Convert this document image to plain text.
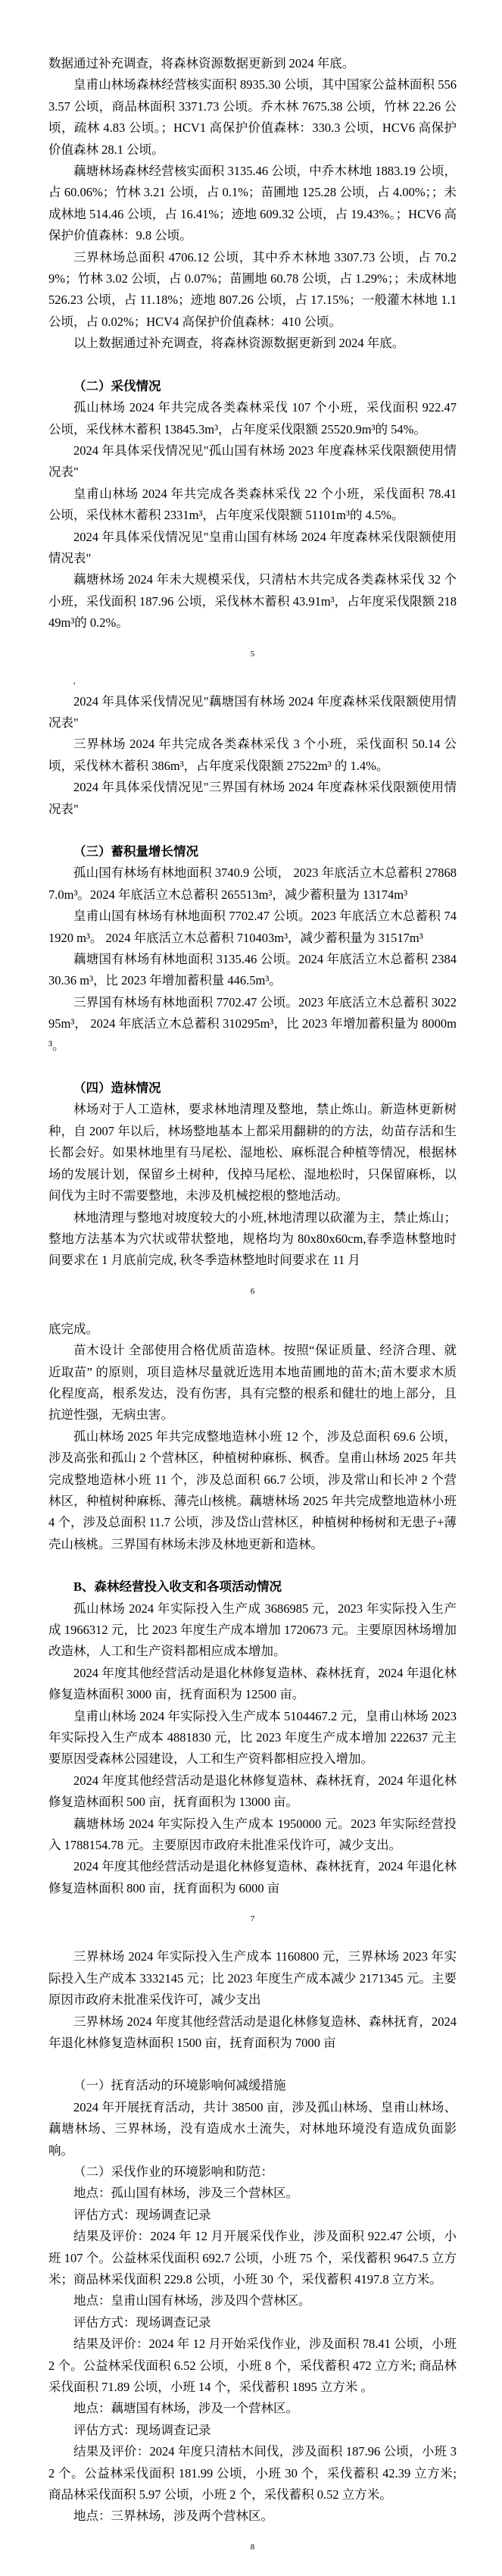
数据通过补充调查，将森林资源数据更新到 2024 年底。
皇甫山林场森林经营核实面积 8935.30 公顷，其中国家公益林面积 5563.57 公顷，商品林面积 3371.73 公顷。乔木林 7675.38 公顷，竹林 22.26 公顷，疏林 4.83 公顷。；HCV1 高保护价值森林：330.3 公顷，HCV6 高保护价值森林 28.1 公顷。
藕塘林场森林经营核实面积 3135.46 公顷，中乔木林地 1883.19 公顷，占 60.06%；竹林 3.21 公顷，占 0.1%；苗圃地 125.28 公顷，占 4.00%；；未成林地 514.46 公顷，占 16.41%；迹地 609.32 公顷，占 19.43%。；HCV6 高保护价值森林：9.8 公顷。
三界林场总面积 4706.12 公顷，其中乔木林地 3307.73 公顷，占 70.29%；竹林 3.02 公顷，占 0.07%；苗圃地 60.78 公顷，占 1.29%；；未成林地 526.23 公顷，占 11.18%；迹地 807.26 公顷，占 17.15%；一般灌木林地 1.1 公顷，占 0.02%；HCV4 高保护价值森林：410 公顷。
以上数据通过补充调查，将森林资源数据更新到 2024 年底。
（二）采伐情况
孤山林场 2024 年共完成各类森林采伐 107 个小班，采伐面积 922.47 公顷，采伐林木蓄积 13845.3m³，占年度采伐限额 25520.9m³的 54%。
2024 年具体采伐情况见"孤山国有林场 2023 年度森林采伐限额使用情况表"
皇甫山林场 2024 年共完成各类森林采伐 22 个小班，采伐面积 78.41 公顷，采伐林木蓄积 2331m³，占年度采伐限额 51101m³的 4.5%。
2024 年具体采伐情况见"皇甫山国有林场 2024 年度森林采伐限额使用情况表"
藕塘林场 2024 年未大规模采伐，只清枯木共完成各类森林采伐 32 个小班，采伐面积 187.96 公顷，采伐林木蓄积 43.91m³，占年度采伐限额 21849m³的 0.2%。
5
'
2024 年具体采伐情况见"藕塘国有林场 2024 年度森林采伐限额使用情况表"
三界林场 2024 年共完成各类森林采伐 3 个小班，采伐面积 50.14 公顷，采伐林木蓄积 386m³，占年度采伐限额 27522m³ 的 1.4%。
2024 年具体采伐情况见"三界国有林场 2024 年度森林采伐限额使用情况表"
（三）蓄积量增长情况
孤山国有林场有林地面积 3740.9 公顷， 2023 年底活立木总蓄积 278687.0m³。2024 年底活立木总蓄积 265513m³，减少蓄积量为 13174m³
皇甫山国有林场有林地面积 7702.47 公顷。2023 年底活立木总蓄积 741920 m³。 2024 年底活立木总蓄积 710403m³，减少蓄积量为 31517m³
藕塘国有林场有林地面积 3135.46 公顷。2024 年底活立木总蓄积 238430.36 m³，比 2023 年增加蓄积量 446.5m³。
三界国有林场有林地面积 7702.47 公顷。2023 年底活立木总蓄积 302295m³， 2024 年底活立木总蓄积 310295m³，比 2023 年增加蓄积量为 8000m³。
（四）造林情况
林场对于人工造林，要求林地清理及整地，禁止炼山。新造林更新树种，自 2007 年以后，林场整地基本上都采用翻耕的的方法，幼苗存活和生长都会好。如果林地里有马尾松、湿地松、麻栎混合种植等情况，根据林场的发展计划，保留乡土树种，伐掉马尾松、湿地松时，只保留麻栎，以间伐为主时不需要整地，未涉及机械挖根的整地活动。
林地清理与整地对坡度较大的小班,林地清理以砍灌为主，禁止炼山；整地方法基本为穴状或带状整地，规格均为 80x80x60cm,春季造林整地时间要求在 1 月底前完成, 秋冬季造林整地时间要求在 11 月
6
底完成。
苗木设计 全部使用合格优质苗造林。按照“保证质量、经济合理、就近取苗” 的原则，项目造林尽量就近选用本地苗圃地的苗木;苗木要求木质化程度高，根系发达，没有伤害，具有完整的根系和健壮的地上部分，且抗逆性强，无病虫害。
孤山林场 2025 年共完成整地造林小班 12 个，涉及总面积 69.6 公顷，涉及高张和孤山 2 个营林区，种植树种麻栎、枫香。皇甫山林场 2025 年共完成整地造林小班 11 个，涉及总面积 66.7 公顷，涉及常山和长冲 2 个营林区，种植树种麻栎、薄壳山核桃。藕塘林场 2025 年共完成整地造林小班 4 个，涉及总面积 11.7 公顷，涉及岱山营林区，种植树种杨树和无患子+薄壳山核桃。三界国有林场未涉及林地更新和造林。
B、森林经营投入收支和各项活动情况
孤山林场 2024 年实际投入生产成 3686985 元，2023 年实际投入生产成 1966312 元，比 2023 年度生产成本增加 1720673 元。主要原因林场增加改造林，人工和生产资料都相应成本增加。
2024 年度其他经营活动是退化林修复造林、森林抚育，2024 年退化林修复造林面积 3000 亩，抚育面积为 12500 亩。
皇甫山林场 2024 年实际投入生产成本 5104467.2 元，皇甫山林场 2023 年实际投入生产成本 4881830 元，比 2023 年度生产成本增加 222637 元主要原因受森林公园建设，人工和生产资料都相应投入增加。
2024 年度其他经营活动是退化林修复造林、森林抚育，2024 年退化林修复造林面积 500 亩，抚育面积为 13000 亩。
藕塘林场 2024 年实际投入生产成本 1950000 元。2023 年实际经营投入 1788154.78 元。主要原因市政府未批准采伐许可，减少支出。
2024 年度其他经营活动是退化林修复造林、森林抚育，2024 年退化林修复造林面积 800 亩，抚育面积为 6000 亩
7
三界林场 2024 年实际投入生产成本 1160800 元，三界林场 2023 年实际投入生产成本 3332145 元；比 2023 年度生产成本减少 2171345 元。主要原因市政府未批准采伐许可，减少支出
三界林场 2024 年度其他经营活动是退化林修复造林、森林抚育，2024 年退化林修复造林面积 1500 亩，抚育面积为 7000 亩
（一）抚育活动的环境影响何减缓措施
2024 年开展抚育活动，共计 38500 亩，涉及孤山林场、皇甫山林场、藕塘林场、三界林场，没有造成水土流失，对林地环境没有造成负面影响。
（二）采伐作业的环境影响和防范：
地点：孤山国有林场，涉及三个营林区。
评估方式：现场调查记录
结果及评价：2024 年 12 月开展采伐作业，涉及面积 922.47 公顷，小班 107 个。公益林采伐面积 692.7 公顷，小班 75 个，采伐蓄积 9647.5 立方米；商品林采伐面积 229.8 公顷，小班 30 个，采伐蓄积 4197.8 立方米。
地点：皇甫山国有林场，涉及四个营林区。
评估方式：现场调查记录
结果及评价：2024 年 12 月开始采伐作业，涉及面积 78.41 公顷，小班 2 个。公益林采伐面积 6.52 公顷，小班 8 个，采伐蓄积 472 立方米; 商品林采伐面积 71.89 公顷，小班 14 个，采伐蓄积 1895 立方米 。
地点：藕塘国有林场，涉及一个营林区。
评估方式：现场调查记录
结果及评价：2024 年度只清枯木间伐，涉及面积 187.96 公顷，小班 32 个。公益林采伐面积 181.99 公顷，小班 30 个，采伐蓄积 42.39 立方米; 商品林采伐面积 5.97 公顷，小班 2 个，采伐蓄积 0.52 立方米。
地点：三界林场，涉及两个营林区。
8
